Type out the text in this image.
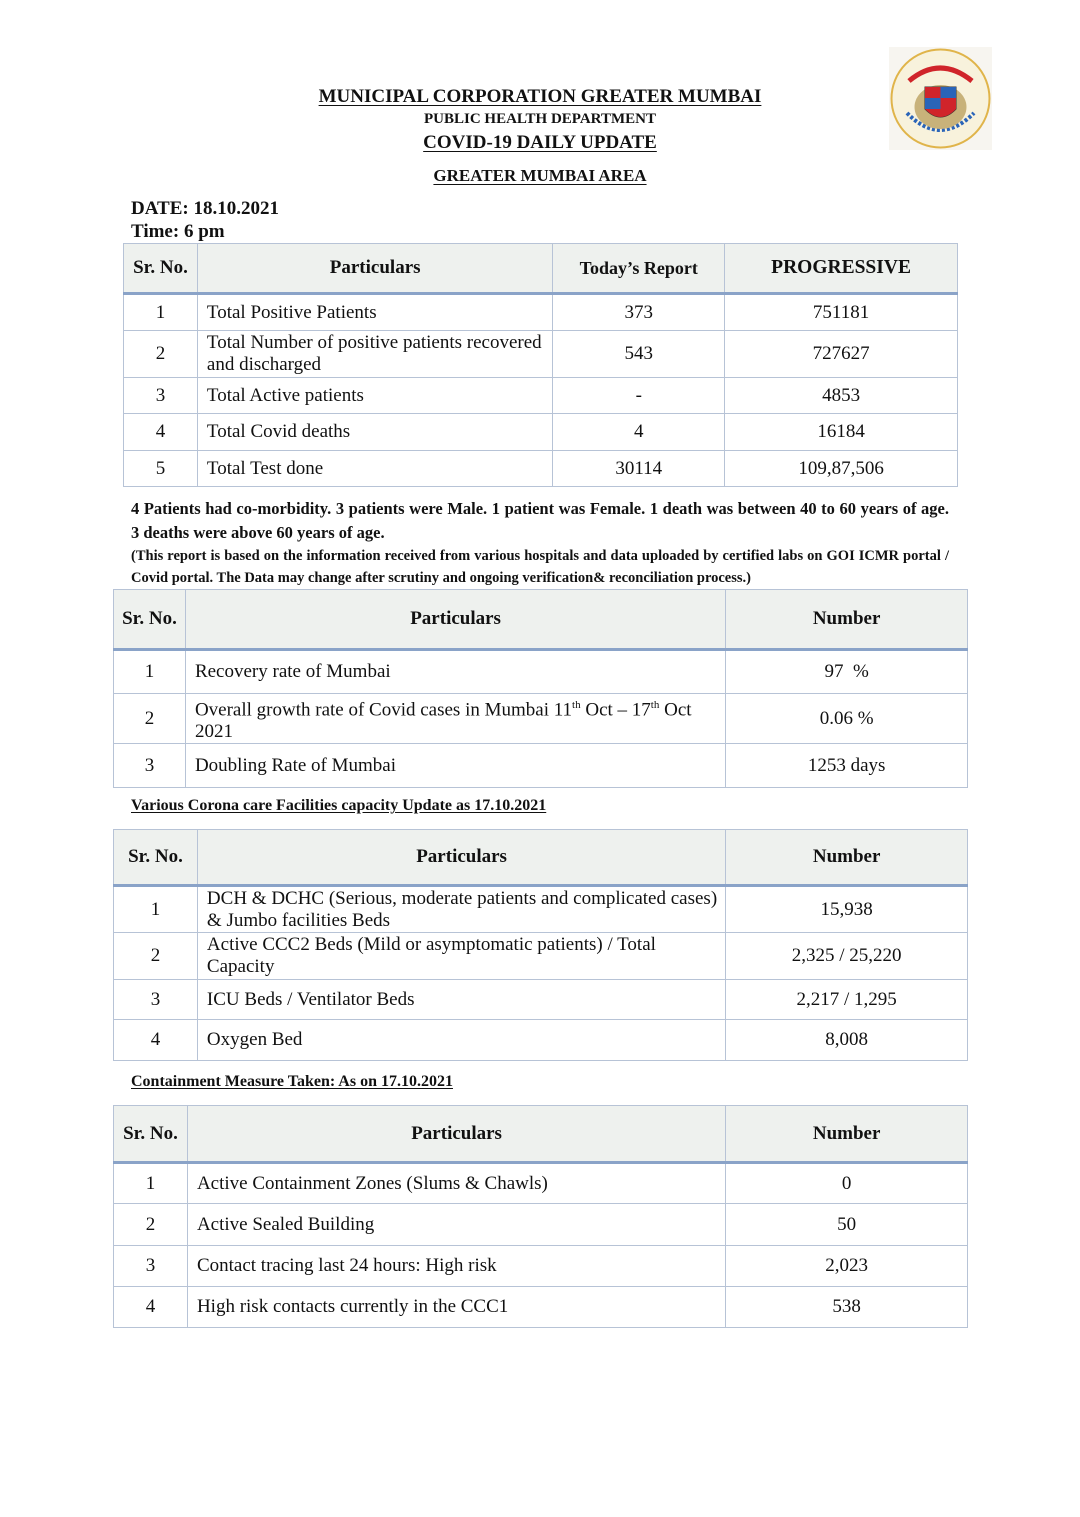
MUNICIPAL CORPORATION GREATER MUMBAI
PUBLIC HEALTH DEPARTMENT
COVID-19 DAILY UPDATE
GREATER MUMBAI AREA
DATE: 18.10.2021
Time: 6 pm
Sr. No.	Particulars	Today’s Report	PROGRESSIVE
1	Total Positive Patients	373	751181
2	Total Number of positive patients recovered and discharged	543	727627
3	Total Active patients	-	4853
4	Total Covid deaths	4	16184
5	Total Test done	30114	109,87,506
4 Patients had co-morbidity. 3 patients were Male. 1 patient was Female. 1 death was between 40 to 60 years of age. 3 deaths were above 60 years of age.
(This report is based on the information received from various hospitals and data uploaded by certified labs on GOI ICMR portal / Covid portal. The Data may change after scrutiny and ongoing verification& reconciliation process.)
Sr. No.	Particulars	Number
1	Recovery rate of Mumbai	97  %
2	Overall growth rate of Covid cases in Mumbai 11th Oct – 17th Oct 2021	0.06 %
3	Doubling Rate of Mumbai	1253 days
Various Corona care Facilities capacity Update as 17.10.2021
Sr. No.	Particulars	Number
1	DCH & DCHC (Serious, moderate patients and complicated cases) & Jumbo facilities Beds	15,938
2	Active CCC2 Beds (Mild or asymptomatic patients) / Total Capacity	2,325 / 25,220
3	ICU Beds / Ventilator Beds	2,217 / 1,295
4	Oxygen Bed	8,008
Containment Measure Taken: As on 17.10.2021
Sr. No.	Particulars	Number
1	Active Containment Zones (Slums & Chawls)	0
2	Active Sealed Building	50
3	Contact tracing last 24 hours: High risk	2,023
4	High risk contacts currently in the CCC1	538
